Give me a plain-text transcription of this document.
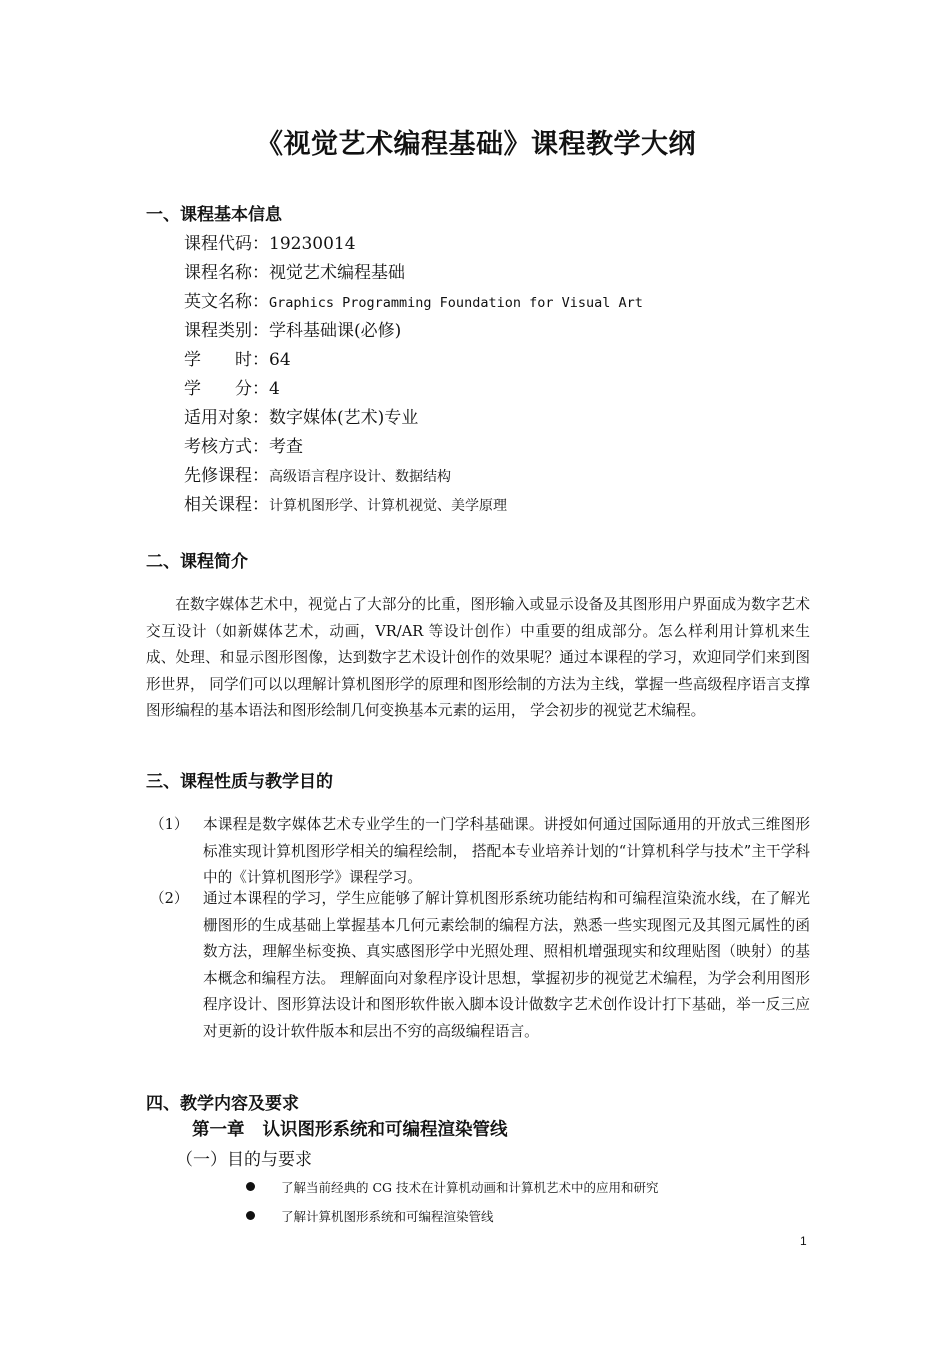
《视觉艺术编程基础》课程教学大纲
一、课程基本信息
课程代码：19230014
课程名称：视觉艺术编程基础
英文名称：Graphics Programming Foundation for Visual Art
课程类别：学科基础课(必修)
学　　时：64
学　　分：4
适用对象：数字媒体(艺术)专业
考核方式：考查
先修课程：高级语言程序设计、数据结构
相关课程：计算机图形学、计算机视觉、美学原理
二、课程简介
在数字媒体艺术中，视觉占了大部分的比重，图形输入或显示设备及其图形用户界面成为数字艺术交互设计（如新媒体艺术，动画，VR/AR 等设计创作）中重要的组成部分。怎么样利用计算机来生成、处理、和显示图形图像，达到数字艺术设计创作的效果呢？通过本课程的学习，欢迎同学们来到图形世界， 同学们可以以理解计算机图形学的原理和图形绘制的方法为主线，掌握一些高级程序语言支撑图形编程的基本语法和图形绘制几何变换基本元素的运用， 学会初步的视觉艺术编程。
三、课程性质与教学目的
（1） 本课程是数字媒体艺术专业学生的一门学科基础课。讲授如何通过国际通用的开放式三维图形标准实现计算机图形学相关的编程绘制， 搭配本专业培养计划的“计算机科学与技术”主干学科中的《计算机图形学》课程学习。
（2） 通过本课程的学习，学生应能够了解计算机图形系统功能结构和可编程渲染流水线，在了解光栅图形的生成基础上掌握基本几何元素绘制的编程方法，熟悉一些实现图元及其图元属性的函数方法，理解坐标变换、真实感图形学中光照处理、照相机增强现实和纹理贴图（映射）的基本概念和编程方法。 理解面向对象程序设计思想，掌握初步的视觉艺术编程，为学会利用图形程序设计、图形算法设计和图形软件嵌入脚本设计做数字艺术创作设计打下基础，举一反三应对更新的设计软件版本和层出不穷的高级编程语言。
四、教学内容及要求
第一章 认识图形系统和可编程渲染管线
（一）目的与要求
了解当前经典的 CG 技术在计算机动画和计算机艺术中的应用和研究
了解计算机图形系统和可编程渲染管线
1
